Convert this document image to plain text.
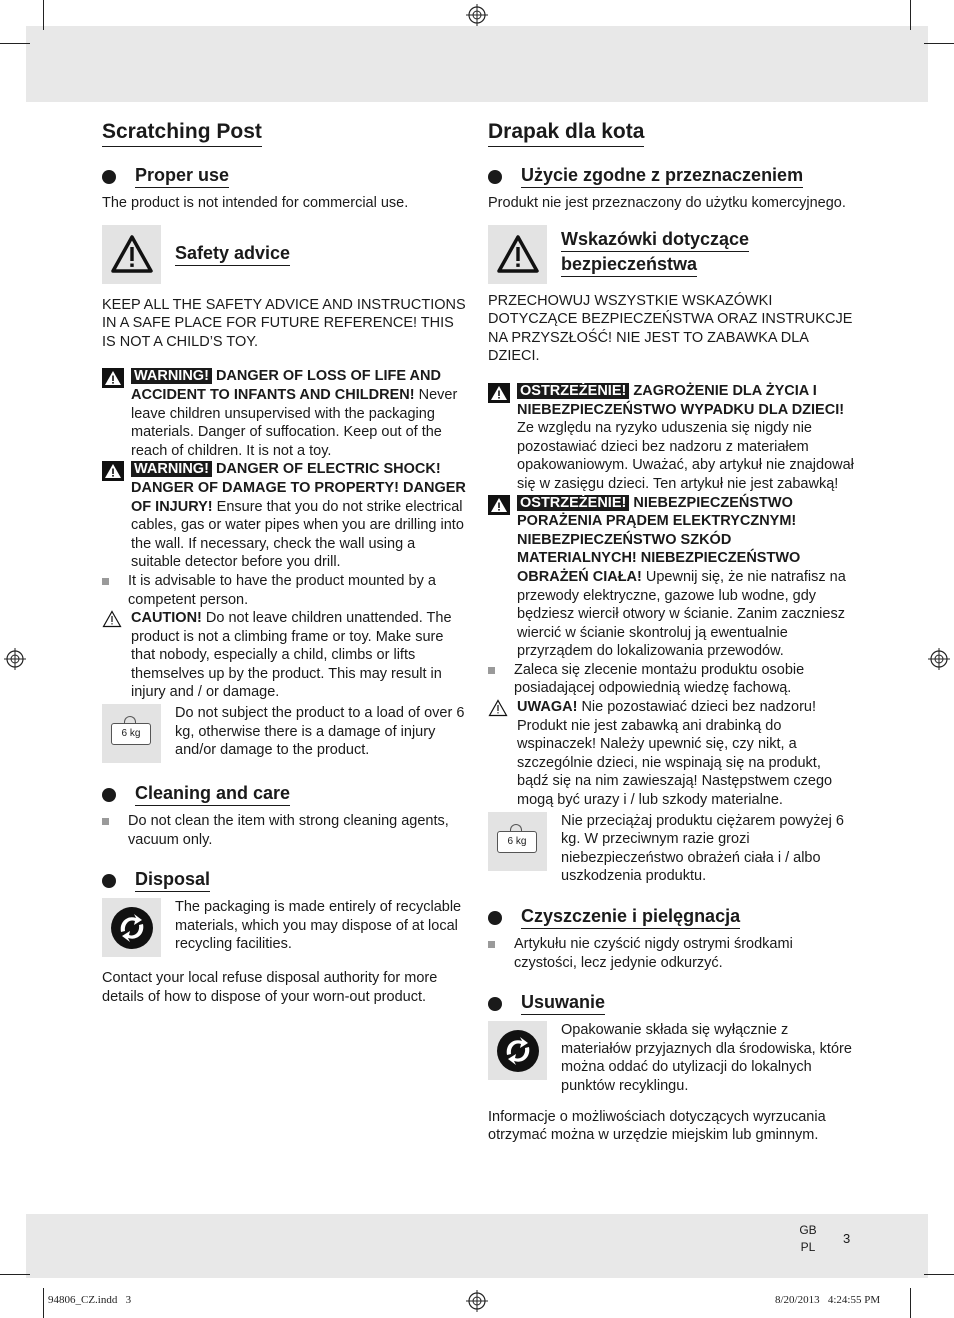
Scratching Post
Proper use

The product is not intended for commercial use.

Safety advice

KEEP ALL THE SAFETY ADVICE AND INSTRUCTIONS IN A SAFE PLACE FOR FUTURE REFERENCE! THIS IS NOT A CHILD’S TOY.

WARNING! DANGER OF LOSS OF LIFE AND ACCIDENT TO INFANTS AND CHILDREN! Never leave children unsupervised with the packaging materials. Danger of suffocation. Keep out of the reach of children. It is not a toy.

WARNING! DANGER OF ELECTRIC SHOCK! DANGER OF DAMAGE TO PROPERTY! DANGER OF INJURY! Ensure that you do not strike electrical cables, gas or water pipes when you are drilling into the wall. If necessary, check the wall using a suitable detector before you drill.

It is advisable to have the product mounted by a competent person.

CAUTION! Do not leave children unattended. The product is not a climbing frame or toy. Make sure that nobody, especially a child, climbs or lifts themselves up by the product. This may result in injury and / or damage.

6 kg

Do not subject the product to a load of over 6 kg, otherwise there is a damage of injury and/or damage to the product.

Cleaning and care

Do not clean the item with strong cleaning agents, vacuum only.

Disposal

The packaging is made entirely of recyclable materials, which you may dispose of at local recycling facilities.

Contact your local refuse disposal authority for more details of how to dispose of your worn-out product.

Drapak dla kota
Użycie zgodne z przeznaczeniem

Produkt nie jest przeznaczony do użytku komercyjnego.

Wskazówki dotyczące
bezpieczeństwa

PRZECHOWUJ WSZYSTKIE WSKAZÓWKI DOTYCZĄCE BEZPIECZEŃSTWA ORAZ INSTRUKCJE NA PRZYSZŁOŚĆ! NIE JEST TO ZABAWKA DLA DZIECI.

OSTRZEŻENIE! ZAGROŻENIE DLA ŻYCIA I NIEBEZPIECZEŃSTWO WYPADKU DLA DZIECI! Ze względu na ryzyko uduszenia się nigdy nie pozostawiać dzieci bez nadzoru z materiałem opakowaniowym. Uważać, aby artykuł nie znajdował się w zasięgu dzieci. Ten artykuł nie jest zabawką!

OSTRZEŻENIE! NIEBEZPIECZEŃSTWO PORAŻENIA PRĄDEM ELEKTRYCZNYM! NIEBEZPIECZEŃSTWO SZKÓD MATERIALNYCH! NIEBEZPIECZEŃSTWO OBRAŻEŃ CIAŁA! Upewnij się, że nie natrafisz na przewody elektryczne, gazowe lub wodne, gdy będziesz wiercił otwory w ścianie. Zanim zaczniesz wiercić w ścianie skontroluj ją ewentualnie przyrządem do lokalizowania przewodów.

Zaleca się zlecenie montażu produktu osobie posiadającej odpowiednią wiedzę fachową.

UWAGA! Nie pozostawiać dzieci bez nadzoru! Produkt nie jest zabawką ani drabinką do wspinaczek! Należy upewnić się, czy nikt, a szczególnie dzieci, nie wspinają się na produkt, bądź się na nim zawieszają! Następstwem czego mogą być urazy i / lub szkody materialne.

6 kg

Nie przeciążaj produktu ciężarem powyżej 6 kg. W przeciwnym razie grozi niebezpieczeństwo obrażeń ciała i / albo uszkodzenia produktu.

Czyszczenie i pielęgnacja

Artykułu nie czyścić nigdy ostrymi środkami czystości, lecz jedynie odkurzyć.

Usuwanie

Opakowanie składa się wyłącznie z materiałów przyjaznych dla środowiska, które można oddać do utylizacji do lokalnych punktów recyklingu.

Informacje o możliwościach dotyczących wyrzucania otrzymać można w urzędzie miejskim lub gminnym.

GB
PL
3
94806_CZ.indd   3	8/20/2013   4:24:55 PM
